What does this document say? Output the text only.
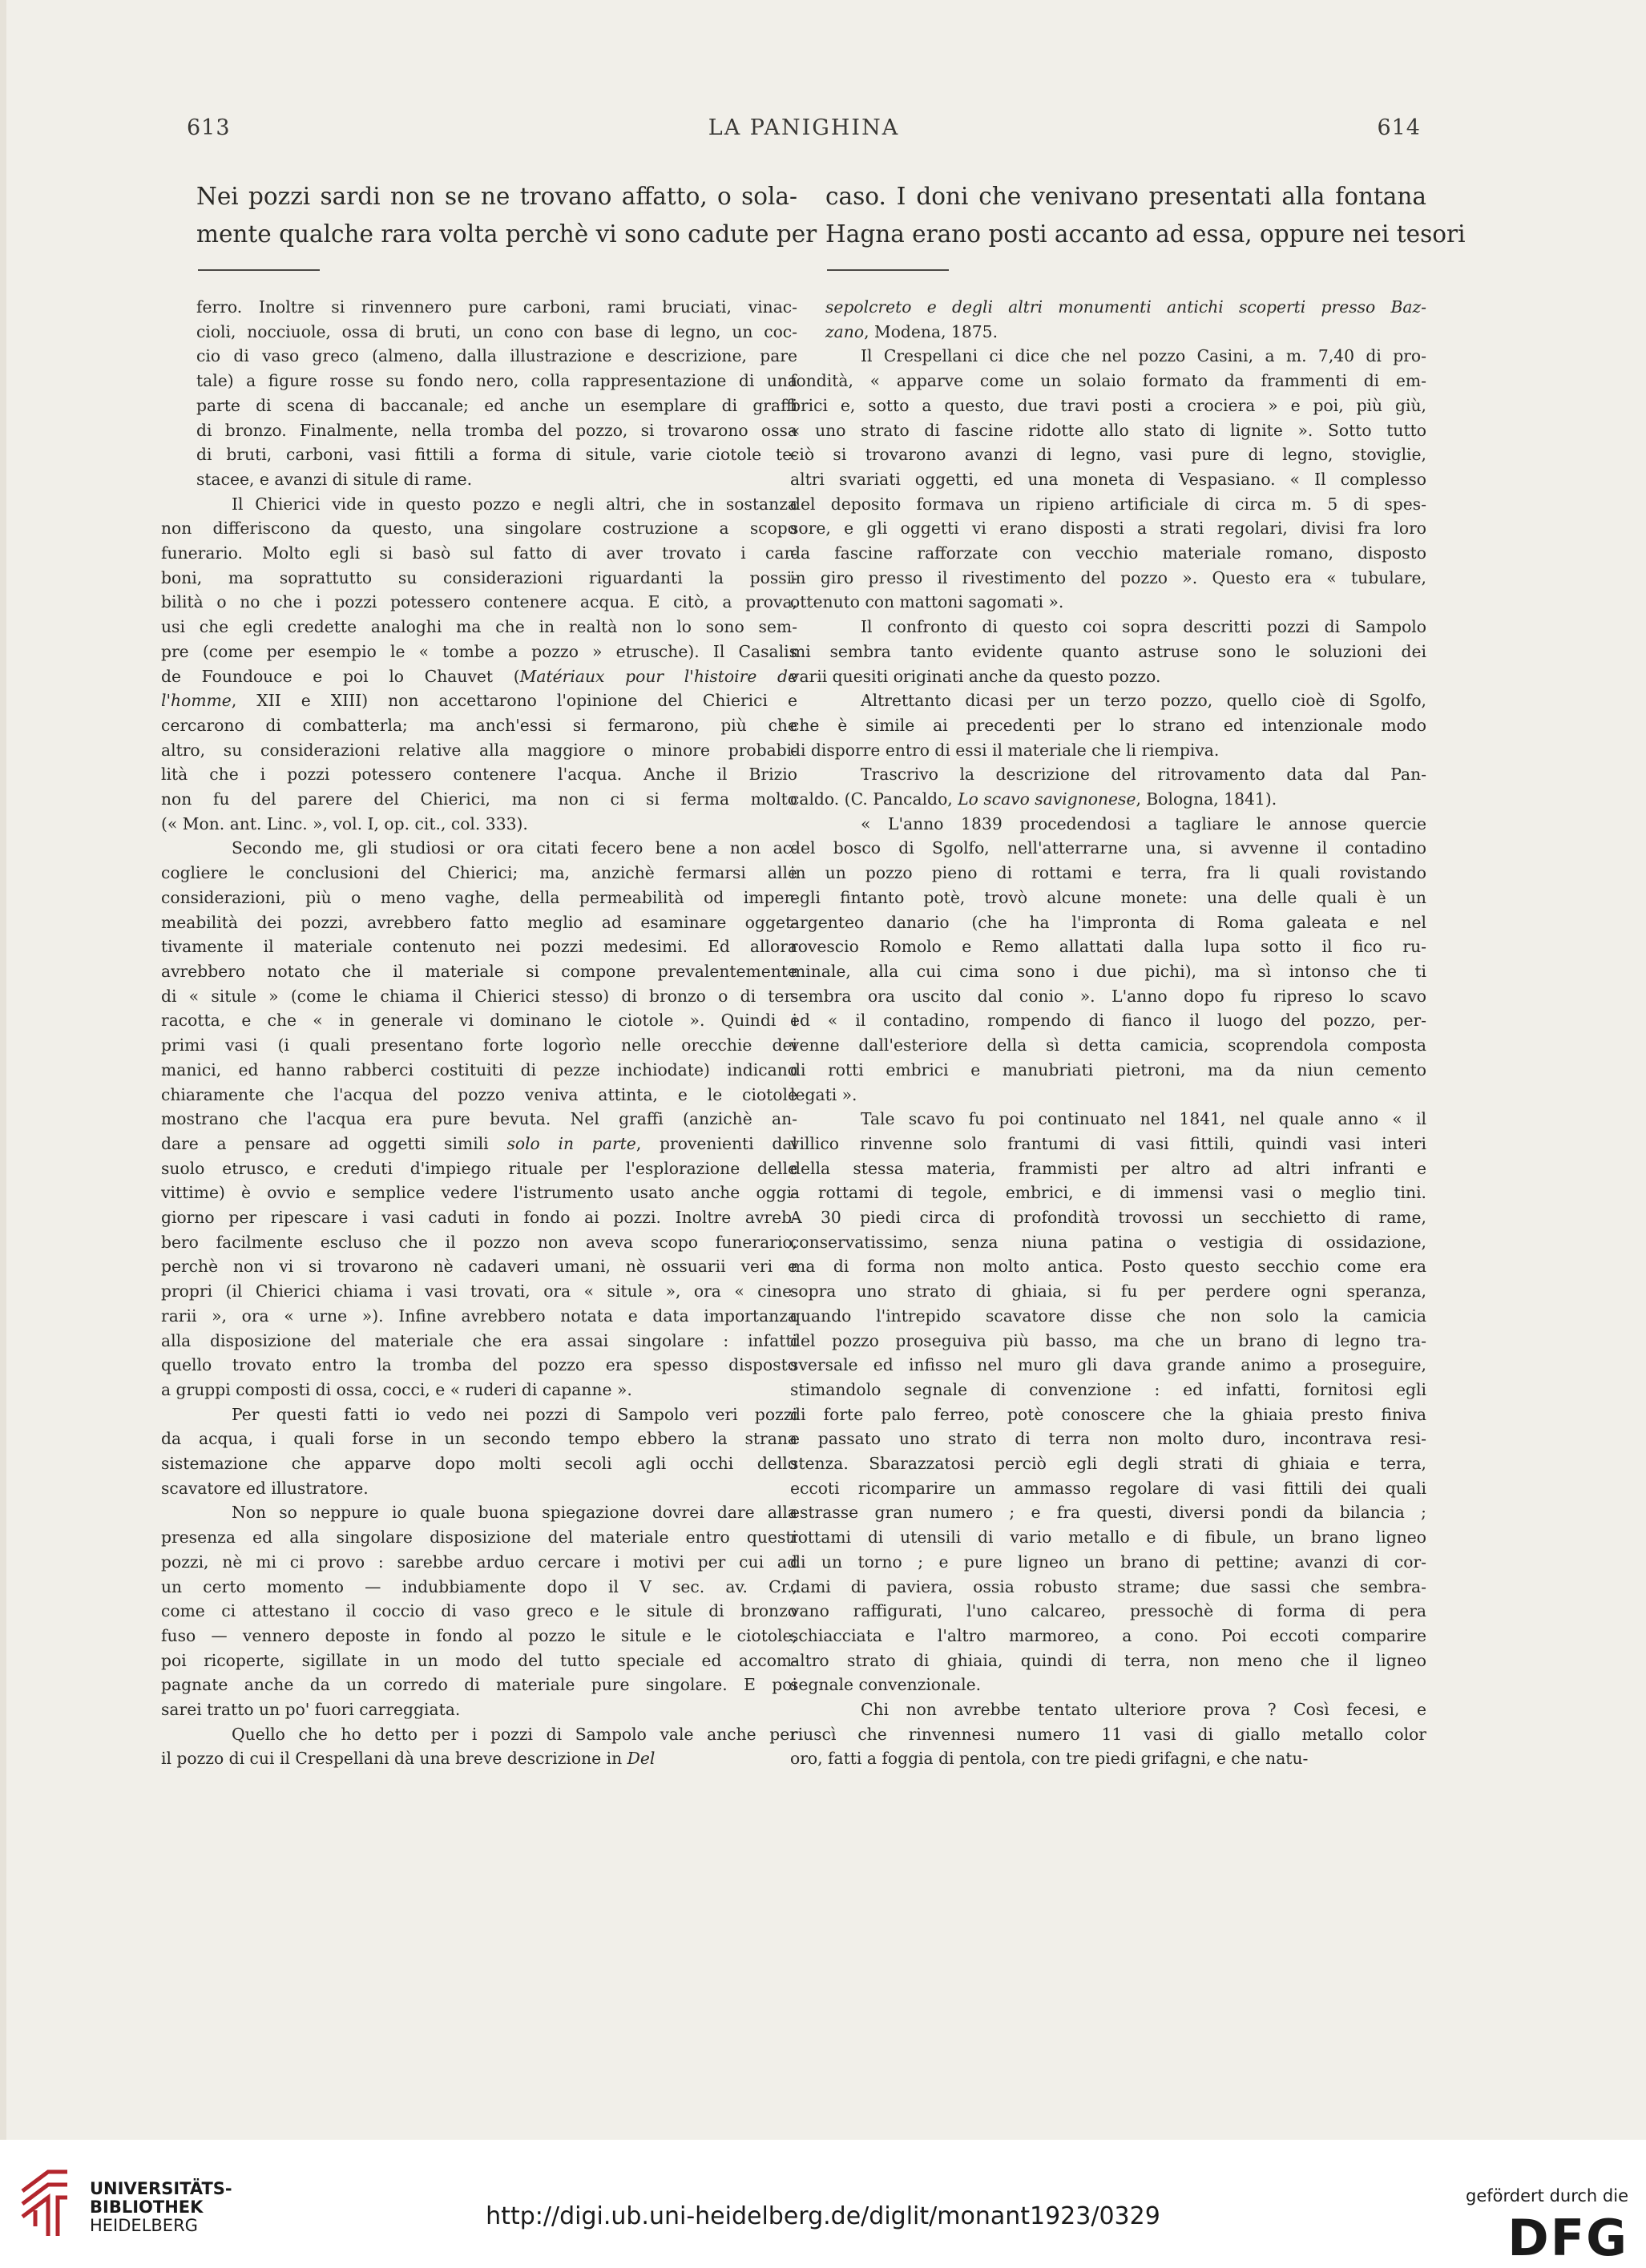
613	LA PANIGHINA	614
Nei pozzi sardi non se ne trovano affatto, o sola-
mente qualche rara volta perchè vi sono cadute per

ferro. Inoltre si rinvennero pure carboni, rami bruciati, vinac-
cioli, nocciuole, ossa di bruti, un cono con base di legno, un coc-
cio di vaso greco (almeno, dalla illustrazione e descrizione, pare
tale) a figure rosse su fondo nero, colla rappresentazione di una
parte di scena di baccanale; ed anche un esemplare di graffi
di bronzo. Finalmente, nella tromba del pozzo, si trovarono ossa
di bruti, carboni, vasi fittili a forma di situle, varie ciotole te-
stacee, e avanzi di situle di rame.

Il Chierici vide in questo pozzo e negli altri, che in sostanza
non differiscono da questo, una singolare costruzione a scopo
funerario. Molto egli si basò sul fatto di aver trovato i car-
boni, ma soprattutto su considerazioni riguardanti la possi-
bilità o no che i pozzi potessero contenere acqua. E citò, a prova,
usi che egli credette analoghi ma che in realtà non lo sono sem-
pre (come per esempio le « tombe a pozzo » etrusche). Il Casalis
de Foundouce e poi lo Chauvet (Matériaux pour l'histoire de
l'homme, XII e XIII) non accettarono l'opinione del Chierici e
cercarono di combatterla; ma anch'essi si fermarono, più che
altro, su considerazioni relative alla maggiore o minore probabi-
lità che i pozzi potessero contenere l'acqua. Anche il Brizio
non fu del parere del Chierici, ma non ci si ferma molto
(« Mon. ant. Linc. », vol. I, op. cit., col. 333).

Secondo me, gli studiosi or ora citati fecero bene a non ac-
cogliere le conclusioni del Chierici; ma, anzichè fermarsi alle
considerazioni, più o meno vaghe, della permeabilità od imper-
meabilità dei pozzi, avrebbero fatto meglio ad esaminare ogget-
tivamente il materiale contenuto nei pozzi medesimi. Ed allora
avrebbero notato che il materiale si compone prevalentemente
di « situle » (come le chiama il Chierici stesso) di bronzo o di ter-
racotta, e che « in generale vi dominano le ciotole ». Quindi i
primi vasi (i quali presentano forte logorìo nelle orecchie dei
manici, ed hanno rabberci costituiti di pezze inchiodate) indicano
chiaramente che l'acqua del pozzo veniva attinta, e le ciotole
mostrano che l'acqua era pure bevuta. Nel graffi (anzichè an-
dare a pensare ad oggetti simili solo in parte, provenienti dal
suolo etrusco, e creduti d'impiego rituale per l'esplorazione delle
vittime) è ovvio e semplice vedere l'istrumento usato anche oggi-
giorno per ripescare i vasi caduti in fondo ai pozzi. Inoltre avreb-
bero facilmente escluso che il pozzo non aveva scopo funerario,
perchè non vi si trovarono nè cadaveri umani, nè ossuarii veri e
propri (il Chierici chiama i vasi trovati, ora « situle », ora « cine-
rarii », ora « urne »). Infine avrebbero notata e data importanza
alla disposizione del materiale che era assai singolare : infatti
quello trovato entro la tromba del pozzo era spesso disposto
a gruppi composti di ossa, cocci, e « ruderi di capanne ».

Per questi fatti io vedo nei pozzi di Sampolo veri pozzi
da acqua, i quali forse in un secondo tempo ebbero la strana
sistemazione che apparve dopo molti secoli agli occhi dello
scavatore ed illustratore.

Non so neppure io quale buona spiegazione dovrei dare alla
presenza ed alla singolare disposizione del materiale entro questi
pozzi, nè mi ci provo : sarebbe arduo cercare i motivi per cui ad
un certo momento — indubbiamente dopo il V sec. av. Cr.,
come ci attestano il coccio di vaso greco e le situle di bronzo
fuso — vennero deposte in fondo al pozzo le situle e le ciotole,
poi ricoperte, sigillate in un modo del tutto speciale ed accom-
pagnate anche da un corredo di materiale pure singolare. E poi
sarei tratto un po' fuori carreggiata.

Quello che ho detto per i pozzi di Sampolo vale anche per
il pozzo di cui il Crespellani dà una breve descrizione in Del

caso. I doni che venivano presentati alla fontana
Hagna erano posti accanto ad essa, oppure nei tesori

sepolcreto e degli altri monumenti antichi scoperti presso Baz-
zano, Modena, 1875.

Il Crespellani ci dice che nel pozzo Casini, a m. 7,40 di pro-
fondità, « apparve come un solaio formato da frammenti di em-
brici e, sotto a questo, due travi posti a crociera » e poi, più giù,
« uno strato di fascine ridotte allo stato di lignite ». Sotto tutto
ciò si trovarono avanzi di legno, vasi pure di legno, stoviglie,
altri svariati oggetti, ed una moneta di Vespasiano. « Il complesso
del deposito formava un ripieno artificiale di circa m. 5 di spes-
sore, e gli oggetti vi erano disposti a strati regolari, divisi fra loro
da fascine rafforzate con vecchio materiale romano, disposto
in giro presso il rivestimento del pozzo ». Questo era « tubulare,
ottenuto con mattoni sagomati ».

Il confronto di questo coi sopra descritti pozzi di Sampolo
mi sembra tanto evidente quanto astruse sono le soluzioni dei
varii quesiti originati anche da questo pozzo.

Altrettanto dicasi per un terzo pozzo, quello cioè di Sgolfo,
che è simile ai precedenti per lo strano ed intenzionale modo
di disporre entro di essi il materiale che li riempiva.

Trascrivo la descrizione del ritrovamento data dal Pan-
caldo. (C. Pancaldo, Lo scavo savignonese, Bologna, 1841).

« L'anno 1839 procedendosi a tagliare le annose quercie
del bosco di Sgolfo, nell'atterrarne una, si avvenne il contadino
in un pozzo pieno di rottami e terra, fra li quali rovistando
egli fintanto potè, trovò alcune monete: una delle quali è un
argenteo danario (che ha l'impronta di Roma galeata e nel
rovescio Romolo e Remo allattati dalla lupa sotto il fico ru-
minale, alla cui cima sono i due pichi), ma sì intonso che ti
sembra ora uscito dal conio ». L'anno dopo fu ripreso lo scavo
ed « il contadino, rompendo di fianco il luogo del pozzo, per-
venne dall'esteriore della sì detta camicia, scoprendola composta
di rotti embrici e manubriati pietroni, ma da niun cemento
legati ».

Tale scavo fu poi continuato nel 1841, nel quale anno « il
villico rinvenne solo frantumi di vasi fittili, quindi vasi interi
della stessa materia, frammisti per altro ad altri infranti e
a rottami di tegole, embrici, e di immensi vasi o meglio tini.
A 30 piedi circa di profondità trovossi un secchietto di rame,
conservatissimo, senza niuna patina o vestigia di ossidazione,
ma di forma non molto antica. Posto questo secchio come era
sopra uno strato di ghiaia, si fu per perdere ogni speranza,
quando l'intrepido scavatore disse che non solo la camicia
del pozzo proseguiva più basso, ma che un brano di legno tra-
sversale ed infisso nel muro gli dava grande animo a proseguire,
stimandolo segnale di convenzione : ed infatti, fornitosi egli
di forte palo ferreo, potè conoscere che la ghiaia presto finiva
e passato uno strato di terra non molto duro, incontrava resi-
stenza. Sbarazzatosi perciò egli degli strati di ghiaia e terra,
eccoti ricomparire un ammasso regolare di vasi fittili dei quali
estrasse gran numero ; e fra questi, diversi pondi da bilancia ;
rottami di utensili di vario metallo e di fibule, un brano ligneo
di un torno ; e pure ligneo un brano di pettine; avanzi di cor-
dami di paviera, ossia robusto strame; due sassi che sembra-
vano raffigurati, l'uno calcareo, pressochè di forma di pera
schiacciata e l'altro marmoreo, a cono. Poi eccoti comparire
altro strato di ghiaia, quindi di terra, non meno che il ligneo
segnale convenzionale.

Chi non avrebbe tentato ulteriore prova ? Così fecesi, e
riuscì che rinvennesi numero 11 vasi di giallo metallo color
oro, fatti a foggia di pentola, con tre piedi grifagni, e che natu-

UNIVERSITÄTS-
BIBLIOTHEK
HEIDELBERG	http://digi.ub.uni-heidelberg.de/diglit/monant1923/0329
gefördert durch die
DFG
